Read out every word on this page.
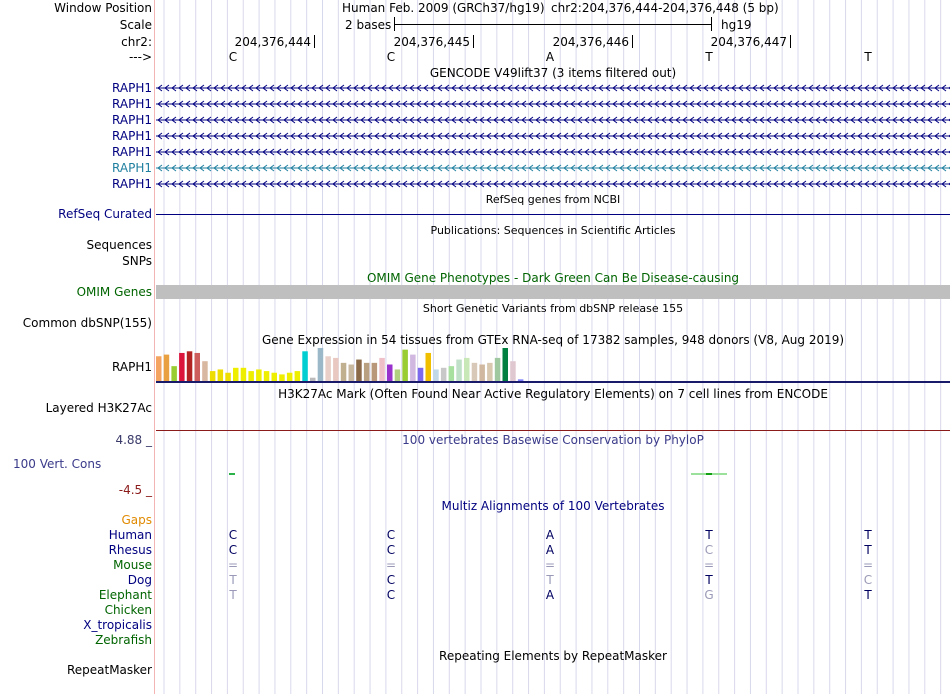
Window Position
Scale
chr2:
--->
Human Feb. 2009 (GRCh37/hg19) chr2:204,376,444-204,376,448 (5 bp)
2 bases	hg19
204,376,444	204,376,445	204,376,446	204,376,447
C	C	A	T	T
GENCODE V49lift37 (3 items filtered out)
RAPH1
RAPH1
RAPH1
RAPH1
RAPH1
RAPH1
RAPH1
RefSeq genes from NCBI
RefSeq Curated
Publications: Sequences in Scientific Articles
Sequences
SNPs
OMIM Gene Phenotypes - Dark Green Can Be Disease-causing
OMIM Genes
Short Genetic Variants from dbSNP release 155
Common dbSNP(155)
Gene Expression in 54 tissues from GTEx RNA-seq of 17382 samples, 948 donors (V8, Aug 2019)
RAPH1
H3K27Ac Mark (Often Found Near Active Regulatory Elements) on 7 cell lines from ENCODE
Layered H3K27Ac
100 vertebrates Basewise Conservation by PhyloP
4.88 _
100 Vert. Cons
-4.5 _
Multiz Alignments of 100 Vertebrates
Gaps
Human	C	C	A	T	T
Rhesus	C	C	A	C	T
Mouse	=	=	=	=	=
Dog	T	C	T	T	C
Elephant	T	C	A	G	T
Chicken
X_tropicalis
Zebrafish
Repeating Elements by RepeatMasker
RepeatMasker
